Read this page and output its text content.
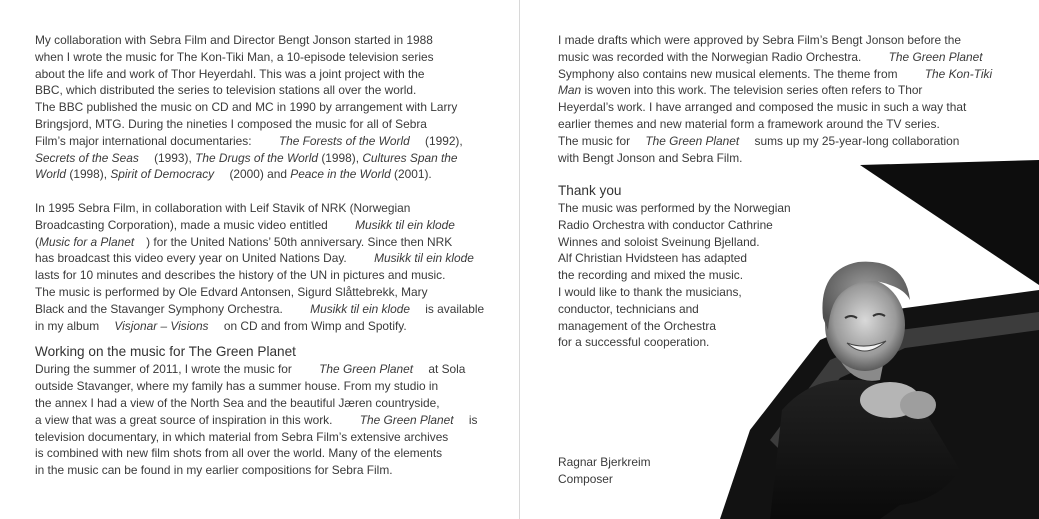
My collaboration with Sebra Film and Director Bengt Jonson started in 1988
when I wrote the music for The Kon-Tiki Man, a 10-episode television series
about the life and work of Thor Heyerdahl. This was a joint project with the
BBC, which distributed the series to television stations all over the world.
The BBC published the music on CD and MC in 1990 by arrangement with Larry
Bringsjord, MTG. During the nineties I composed the music for all of Sebra
Film’s major international documentaries: The Forests of the World (1992),
Secrets of the Seas (1993), The Drugs of the World (1998), Cultures Span the
World (1998), Spirit of Democracy (2000) and Peace in the World (2001).
In 1995 Sebra Film, in collaboration with Leif Stavik of NRK (Norwegian
Broadcasting Corporation), made a music video entitled Musikk til ein klode
(Music for a Planet ) for the United Nations’ 50th anniversary. Since then NRK
has broadcast this video every year on United Nations Day. Musikk til ein klode
lasts for 10 minutes and describes the history of the UN in pictures and music.
The music is performed by Ole Edvard Antonsen, Sigurd Slåttebrekk, Mary
Black and the Stavanger Symphony Orchestra. Musikk til ein klode is available
in my album Visjonar – Visions on CD and from Wimp and Spotify.
Working on the music for The Green Planet
During the summer of 2011, I wrote the music for The Green Planet at Sola
outside Stavanger, where my family has a summer house. From my studio in
the annex I had a view of the North Sea and the beautiful Jæren countryside,
a view that was a great source of inspiration in this work. The Green Planet is
television documentary, in which material from Sebra Film’s extensive archives
is combined with new film shots from all over the world. Many of the elements
in the music can be found in my earlier compositions for Sebra Film.
I made drafts which were approved by Sebra Film’s Bengt Jonson before the
music was recorded with the Norwegian Radio Orchestra. The Green Planet
Symphony also contains new musical elements. The theme from The Kon-Tiki
Man is woven into this work. The television series often refers to Thor
Heyerdal’s work. I have arranged and composed the music in such a way that
earlier themes and new material form a framework around the TV series.
The music for The Green Planet sums up my 25-year-long collaboration
with Bengt Jonson and Sebra Film.
Thank you
The music was performed by the Norwegian
Radio Orchestra with conductor Cathrine
Winnes and soloist Sveinung Bjelland.
Alf Christian Hvidsteen has adapted
the recording and mixed the music.
I would like to thank the musicians,
conductor, technicians and
management of the Orchestra
for a successful cooperation.
Ragnar Bjerkreim
Composer
